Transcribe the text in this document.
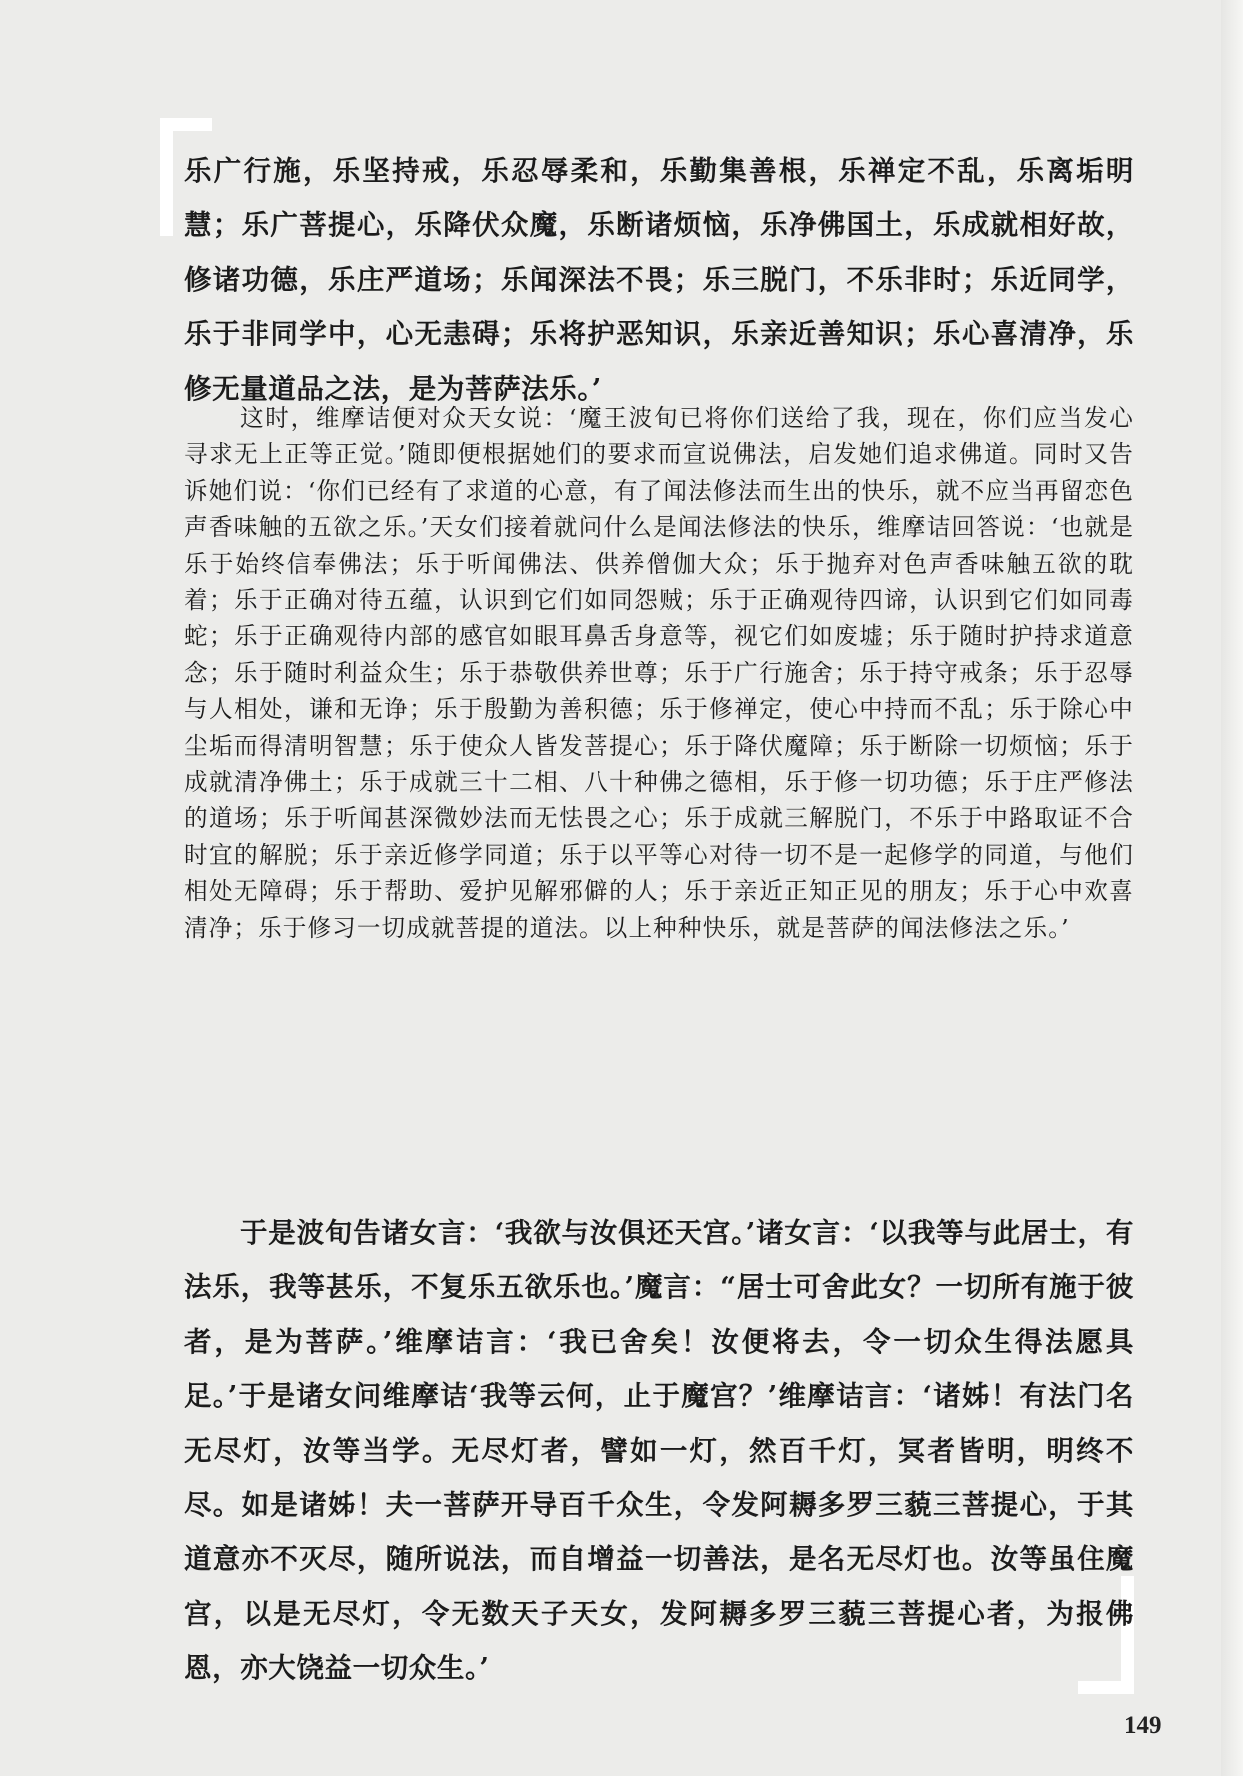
乐广行施，乐坚持戒，乐忍辱柔和，乐勤集善根，乐禅定不乱，乐离垢明慧；乐广菩提心，乐降伏众魔，乐断诸烦恼，乐净佛国土，乐成就相好故，修诸功德，乐庄严道场；乐闻深法不畏；乐三脱门，不乐非时；乐近同学，乐于非同学中，心无恚碍；乐将护恶知识，乐亲近善知识；乐心喜清净，乐修无量道品之法，是为菩萨法乐。’

这时，维摩诘便对众天女说：‘魔王波旬已将你们送给了我，现在，你们应当发心寻求无上正等正觉。’随即便根据她们的要求而宣说佛法，启发她们追求佛道。同时又告诉她们说：‘你们已经有了求道的心意，有了闻法修法而生出的快乐，就不应当再留恋色声香味触的五欲之乐。’天女们接着就问什么是闻法修法的快乐，维摩诘回答说：‘也就是乐于始终信奉佛法；乐于听闻佛法、供养僧伽大众；乐于抛弃对色声香味触五欲的耽着；乐于正确对待五蕴，认识到它们如同怨贼；乐于正确观待四谛，认识到它们如同毒蛇；乐于正确观待内部的感官如眼耳鼻舌身意等，视它们如废墟；乐于随时护持求道意念；乐于随时利益众生；乐于恭敬供养世尊；乐于广行施舍；乐于持守戒条；乐于忍辱与人相处，谦和无诤；乐于殷勤为善积德；乐于修禅定，使心中持而不乱；乐于除心中尘垢而得清明智慧；乐于使众人皆发菩提心；乐于降伏魔障；乐于断除一切烦恼；乐于成就清净佛土；乐于成就三十二相、八十种佛之德相，乐于修一切功德；乐于庄严修法的道场；乐于听闻甚深微妙法而无怯畏之心；乐于成就三解脱门，不乐于中路取证不合时宜的解脱；乐于亲近修学同道；乐于以平等心对待一切不是一起修学的同道，与他们相处无障碍；乐于帮助、爱护见解邪僻的人；乐于亲近正知正见的朋友；乐于心中欢喜清净；乐于修习一切成就菩提的道法。以上种种快乐，就是菩萨的闻法修法之乐。’

于是波旬告诸女言：‘我欲与汝俱还天宫。’诸女言：‘以我等与此居士，有法乐，我等甚乐，不复乐五欲乐也。’魔言：“居士可舍此女？一切所有施于彼者，是为菩萨。’维摩诘言：‘我已舍矣！汝便将去，令一切众生得法愿具足。’于是诸女问维摩诘‘我等云何，止于魔宫？’维摩诘言：‘诸姊！有法门名无尽灯，汝等当学。无尽灯者，譬如一灯，然百千灯，冥者皆明，明终不尽。如是诸姊！夫一菩萨开导百千众生，令发阿耨多罗三藐三菩提心，于其道意亦不灭尽，随所说法，而自增益一切善法，是名无尽灯也。汝等虽住魔宫，以是无尽灯，令无数天子天女，发阿耨多罗三藐三菩提心者，为报佛恩，亦大饶益一切众生。’

149
